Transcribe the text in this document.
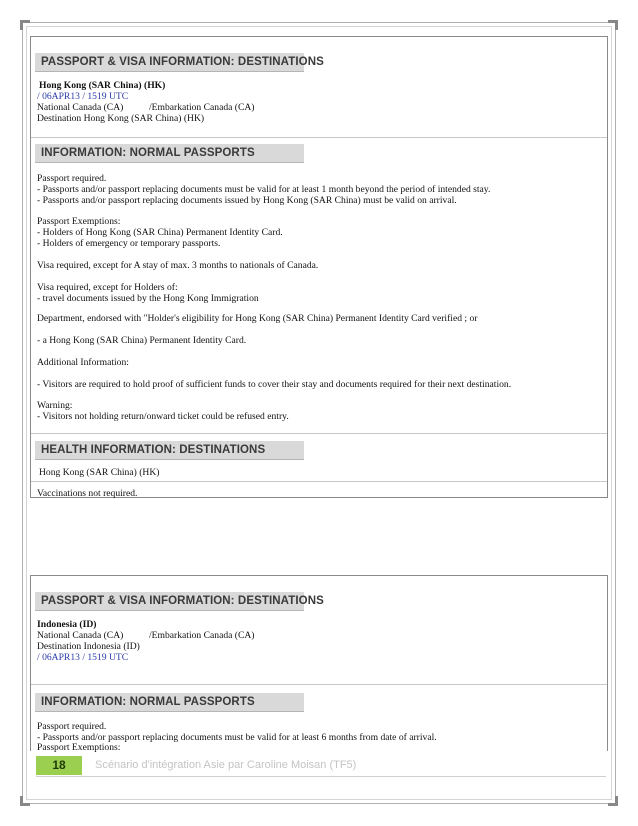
PASSPORT & VISA INFORMATION: DESTINATIONS
Hong Kong (SAR China) (HK)
/ 06APR13 / 1519 UTC
National Canada (CA)	/Embarkation Canada (CA)
Destination Hong Kong (SAR China) (HK)
INFORMATION: NORMAL PASSPORTS
Passport required.
- Passports and/or passport replacing documents must be valid for at least 1 month beyond the period of intended stay.
- Passports and/or passport replacing documents issued by Hong Kong (SAR China) must be valid on arrival.
Passport Exemptions:
- Holders of Hong Kong (SAR China) Permanent Identity Card.
- Holders of emergency or temporary passports.
Visa required, except for A stay of max. 3 months to nationals of Canada.
Visa required, except for Holders of:
- travel documents issued by the Hong Kong Immigration
Department, endorsed with "Holder's eligibility for Hong Kong (SAR China) Permanent Identity Card verified ; or
- a Hong Kong (SAR China) Permanent Identity Card.
Additional Information:
- Visitors are required to hold proof of sufficient funds to cover their stay and documents required for their next destination.
Warning:
- Visitors not holding return/onward ticket could be refused entry.
HEALTH INFORMATION: DESTINATIONS
Hong Kong (SAR China) (HK)
Vaccinations not required.
PASSPORT & VISA INFORMATION: DESTINATIONS
Indonesia (ID)
National Canada (CA)	/Embarkation Canada (CA)
Destination Indonesia (ID)
/ 06APR13 / 1519 UTC
INFORMATION: NORMAL PASSPORTS
Passport required.
- Passports and/or passport replacing documents must be valid for at least 6 months from date of arrival.
Passport Exemptions:
18	Scénario d'intégration Asie par Caroline Moisan (TF5)
